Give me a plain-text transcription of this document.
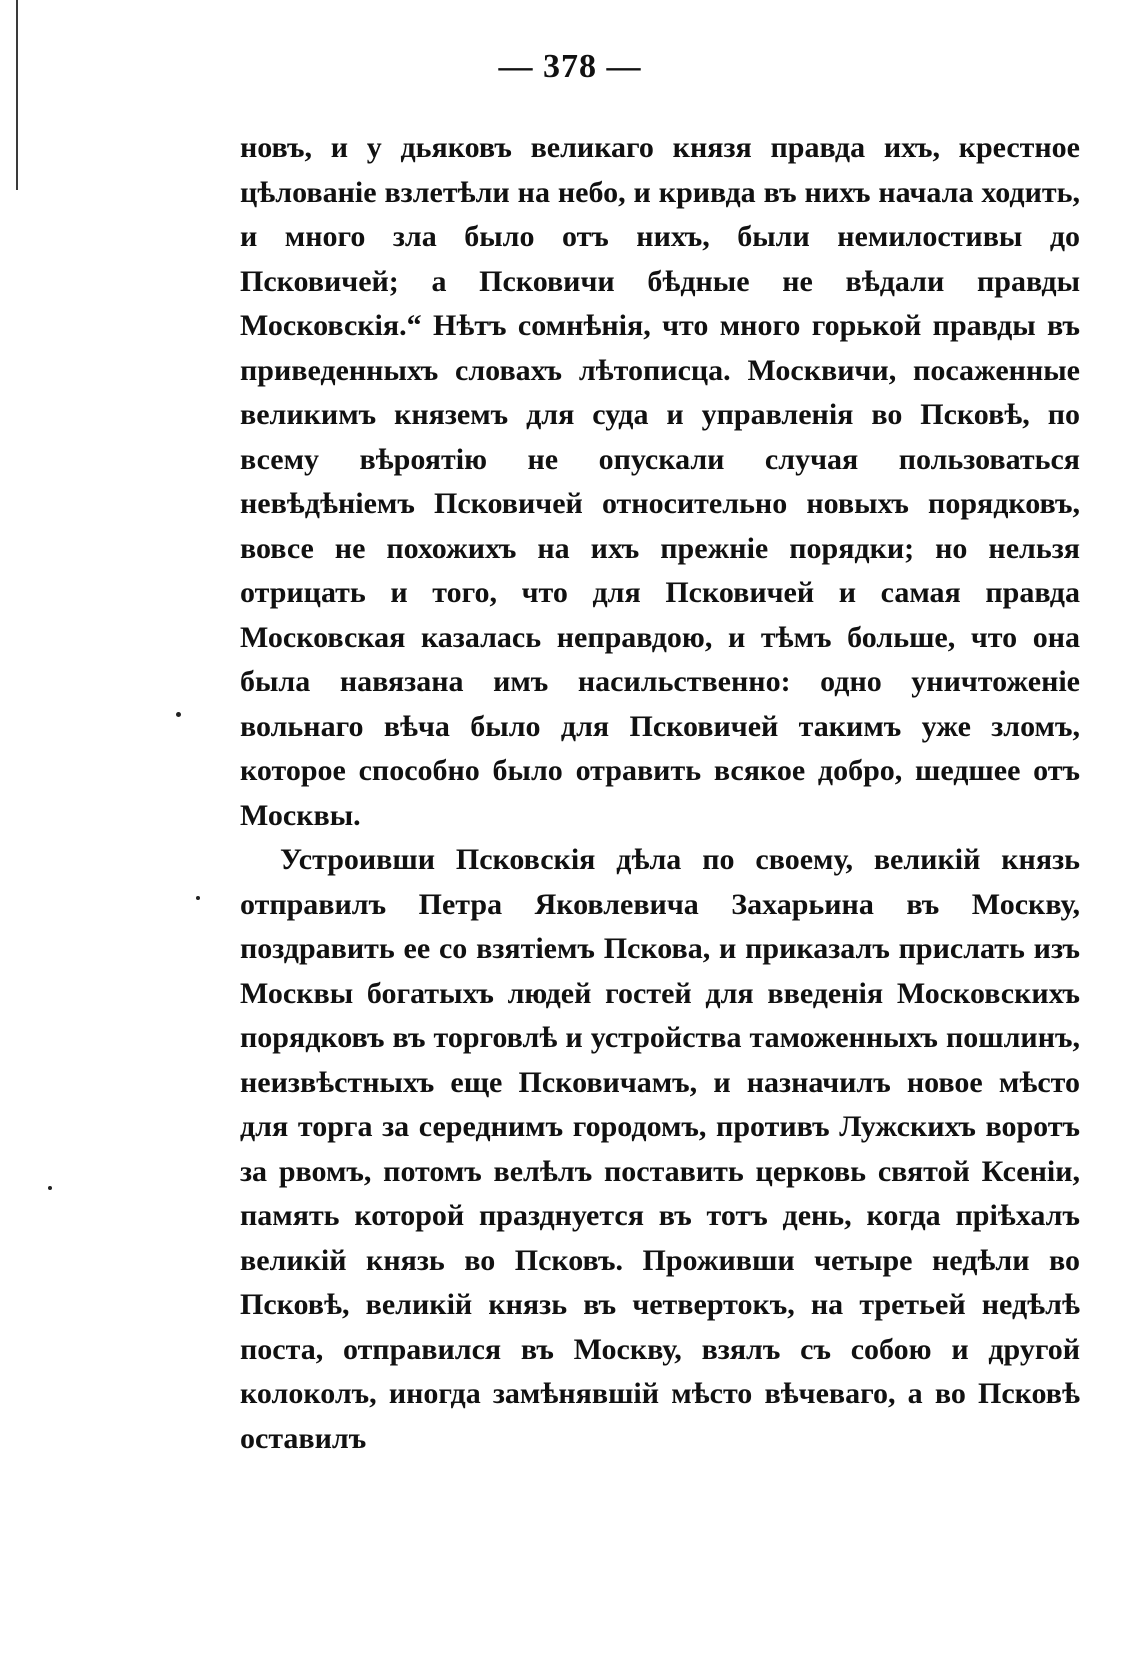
— 378 —

новъ, и у дьяковъ великаго князя правда ихъ, крестное цѣлованіе взлетѣли на небо, и кривда въ нихъ начала ходить, и много зла было отъ нихъ, были немилостивы до Псковичей; а Псковичи бѣдные не вѣдали правды Московскія.“ Нѣтъ сомнѣнія, что много горькой правды въ приведенныхъ словахъ лѣтописца. Москвичи, посаженные великимъ княземъ для суда и управленія во Псковѣ, по всему вѣроятію не опускали случая пользоваться невѣдѣніемъ Псковичей относительно новыхъ порядковъ, вовсе не похожихъ на ихъ прежніе порядки; но нельзя отрицать и того, что для Псковичей и самая правда Московская казалась неправдою, и тѣмъ больше, что она была навязана имъ насильственно: одно уничтоженіе вольнаго вѣча было для Псковичей такимъ уже зломъ, которое способно было отравить всякое добро, шедшее отъ Москвы.

Устроивши Псковскія дѣла по своему, великій князь отправилъ Петра Яковлевича Захарьина въ Москву, поздравить ее со взятіемъ Пскова, и приказалъ прислать изъ Москвы богатыхъ людей гостей для введенія Московскихъ порядковъ въ торговлѣ и устройства таможенныхъ пошлинъ, неизвѣстныхъ еще Псковичамъ, и назначилъ новое мѣсто для торга за середнимъ городомъ, противъ Лужскихъ воротъ за рвомъ, потомъ велѣлъ поставить церковь святой Ксеніи, память которой празднуется въ тотъ день, когда пріѣхалъ великій князь во Псковъ. Проживши четыре недѣли во Псковѣ, великій князь въ четвертокъ, на третьей недѣлѣ поста, отправился въ Москву, взялъ съ собою и другой колоколъ, иногда замѣнявшій мѣсто вѣчеваго, а во Псковѣ оставилъ
